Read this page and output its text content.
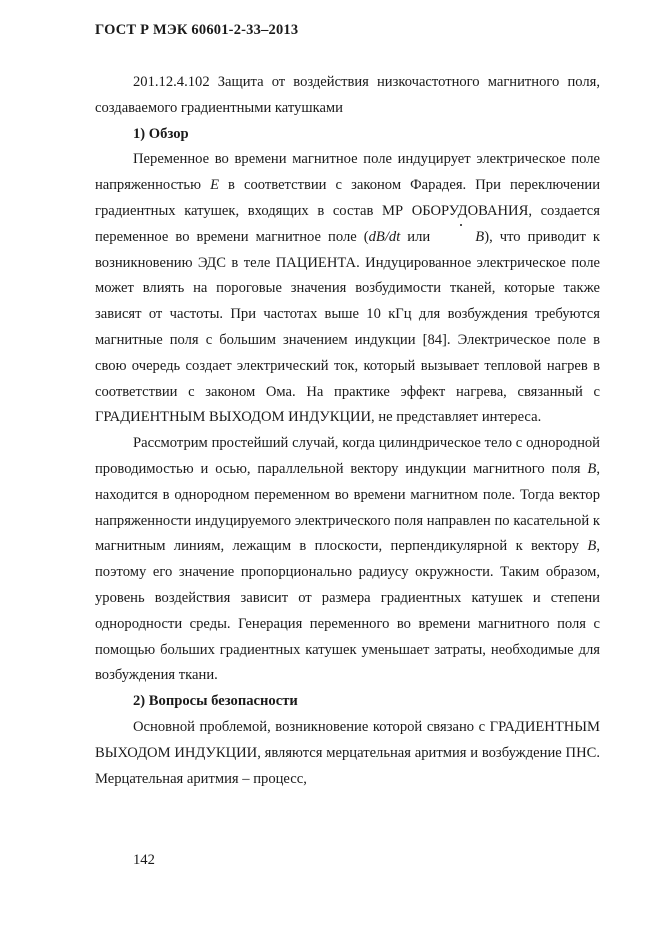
ГОСТ Р МЭК 60601-2-33–2013

201.12.4.102 Защита от воздействия низкочастотного магнитного поля, создаваемого градиентными катушками

1) Обзор

Переменное во времени магнитное поле индуцирует электрическое поле напряженностью E в соответствии с законом Фарадея. При переключении градиентных катушек, входящих в состав МР ОБОРУДОВАНИЯ, создается переменное во времени магнитное поле (dB/dt или	B), что приводит к возникновению ЭДС в теле ПАЦИЕНТА. Индуцированное электрическое поле может влиять на пороговые значения возбудимости тканей, которые также зависят от частоты. При частотах выше 10 кГц для возбуждения требуются магнитные поля с большим значением индукции [84]. Электрическое поле в свою очередь создает электрический ток, который вызывает тепловой нагрев в соответствии с законом Ома. На практике эффект нагрева, связанный с ГРАДИЕНТНЫМ ВЫХОДОМ ИНДУКЦИИ, не представляет интереса.

Рассмотрим простейший случай, когда цилиндрическое тело с однородной проводимостью и осью, параллельной вектору индукции магнитного поля B, находится в однородном переменном во времени магнитном поле. Тогда вектор напряженности индуцируемого электрического поля направлен по касательной к магнитным линиям, лежащим в плоскости, перпендикулярной к вектору B, поэтому его значение пропорционально радиусу окружности. Таким образом, уровень воздействия зависит от размера градиентных катушек и степени однородности среды. Генерация переменного во времени магнитного поля с помощью больших градиентных катушек уменьшает затраты, необходимые для возбуждения ткани.

2) Вопросы безопасности

Основной проблемой, возникновение которой связано с ГРАДИЕНТНЫМ ВЫХОДОМ ИНДУКЦИИ, являются мерцательная аритмия и возбуждение ПНС. Мерцательная аритмия – процесс,

142
